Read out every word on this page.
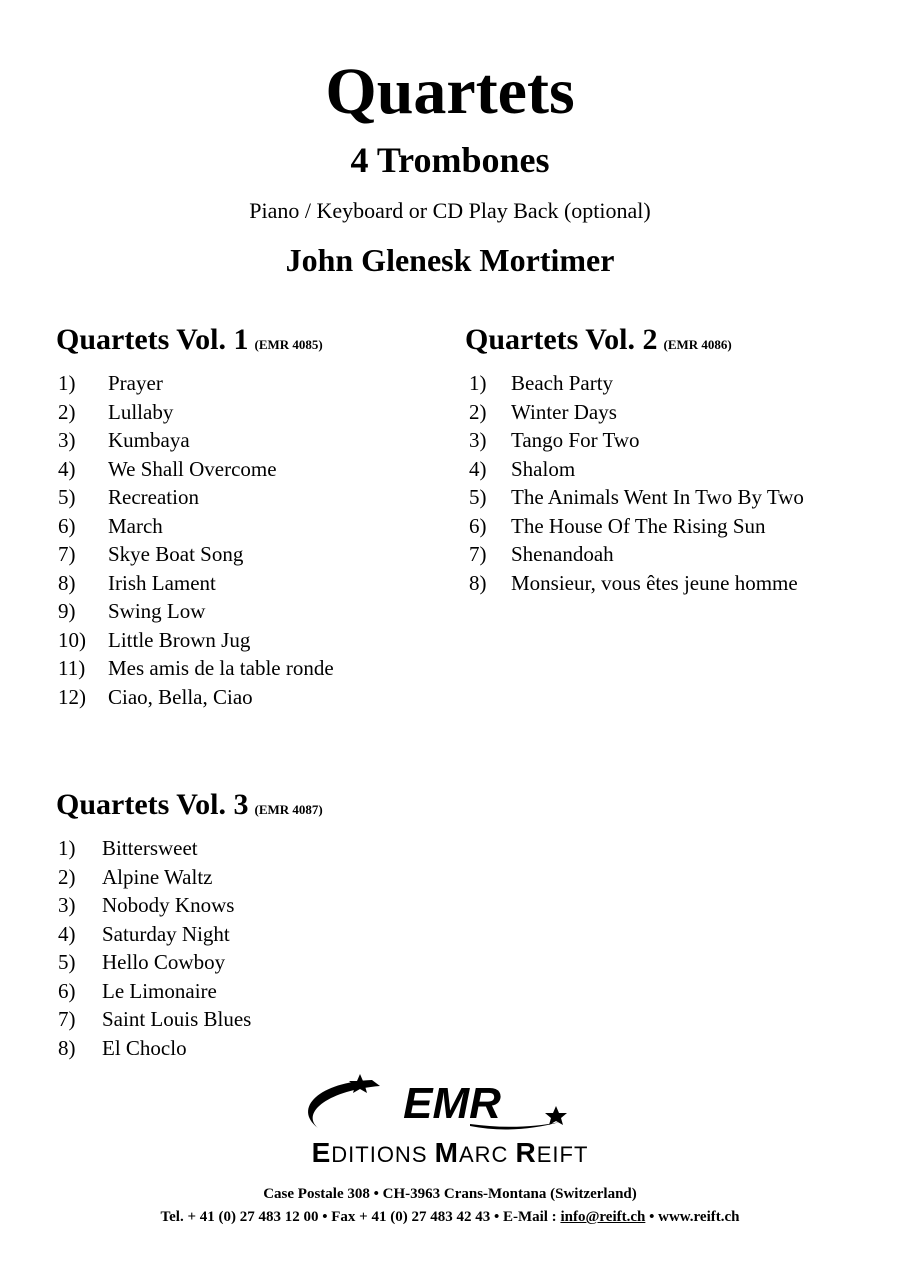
Quartets
4 Trombones
Piano / Keyboard or CD Play Back (optional)
John Glenesk Mortimer
Quartets Vol. 1 (EMR 4085)
1)	Prayer
2)	Lullaby
3)	Kumbaya
4)	We Shall Overcome
5)	Recreation
6)	March
7)	Skye Boat Song
8)	Irish Lament
9)	Swing Low
10)	Little Brown Jug
11)	Mes amis de la table ronde
12)	Ciao, Bella, Ciao
Quartets Vol. 2 (EMR 4086)
1)	Beach Party
2)	Winter Days
3)	Tango For Two
4)	Shalom
5)	The Animals Went In Two By Two
6)	The House Of The Rising Sun
7)	Shenandoah
8)	Monsieur, vous êtes jeune homme
Quartets Vol. 3 (EMR 4087)
1)	Bittersweet
2)	Alpine Waltz
3)	Nobody Knows
4)	Saturday Night
5)	Hello Cowboy
6)	Le Limonaire
7)	Saint Louis Blues
8)	El Choclo
EMR
EDITIONS MARC REIFT
Case Postale 308 • CH-3963 Crans-Montana (Switzerland)
Tel. + 41 (0) 27 483 12 00 • Fax + 41 (0) 27 483 42 43 • E-Mail : info@reift.ch • www.reift.ch
